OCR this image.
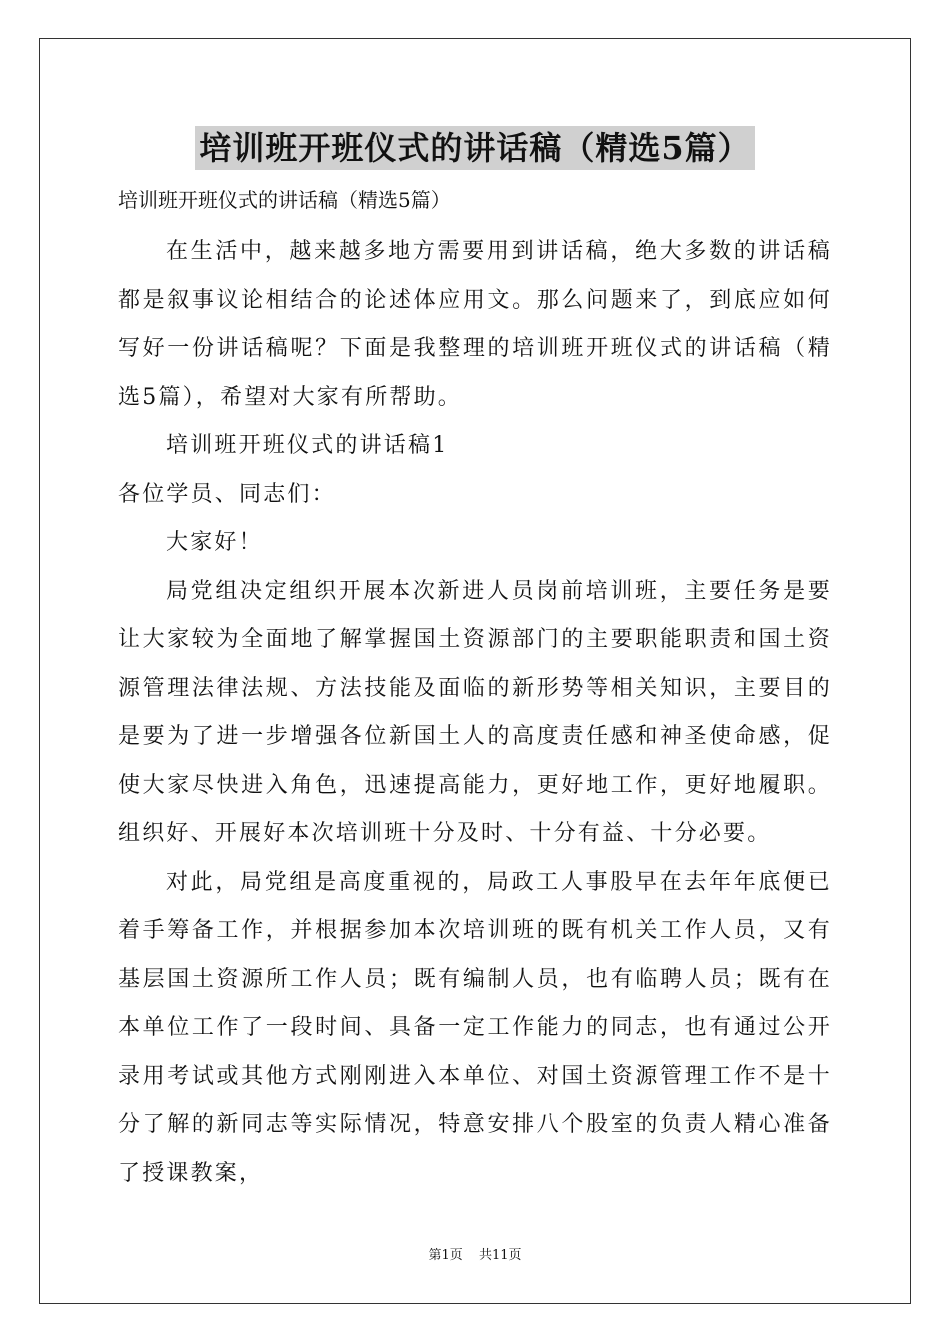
培训班开班仪式的讲话稿（精选5篇）
培训班开班仪式的讲话稿（精选5篇）

在生活中，越来越多地方需要用到讲话稿，绝大多数的讲话稿都是叙事议论相结合的论述体应用文。那么问题来了，到底应如何写好一份讲话稿呢？下面是我整理的培训班开班仪式的讲话稿（精选5篇），希望对大家有所帮助。

培训班开班仪式的讲话稿1

各位学员、同志们：

大家好！

局党组决定组织开展本次新进人员岗前培训班，主要任务是要让大家较为全面地了解掌握国土资源部门的主要职能职责和国土资源管理法律法规、方法技能及面临的新形势等相关知识，主要目的是要为了进一步增强各位新国土人的高度责任感和神圣使命感，促使大家尽快进入角色，迅速提高能力，更好地工作，更好地履职。组织好、开展好本次培训班十分及时、十分有益、十分必要。

对此，局党组是高度重视的，局政工人事股早在去年年底便已着手筹备工作，并根据参加本次培训班的既有机关工作人员，又有基层国土资源所工作人员；既有编制人员，也有临聘人员；既有在本单位工作了一段时间、具备一定工作能力的同志，也有通过公开录用考试或其他方式刚刚进入本单位、对国土资源管理工作不是十分了解的新同志等实际情况，特意安排八个股室的负责人精心准备了授课教案，

第1页 共11页
